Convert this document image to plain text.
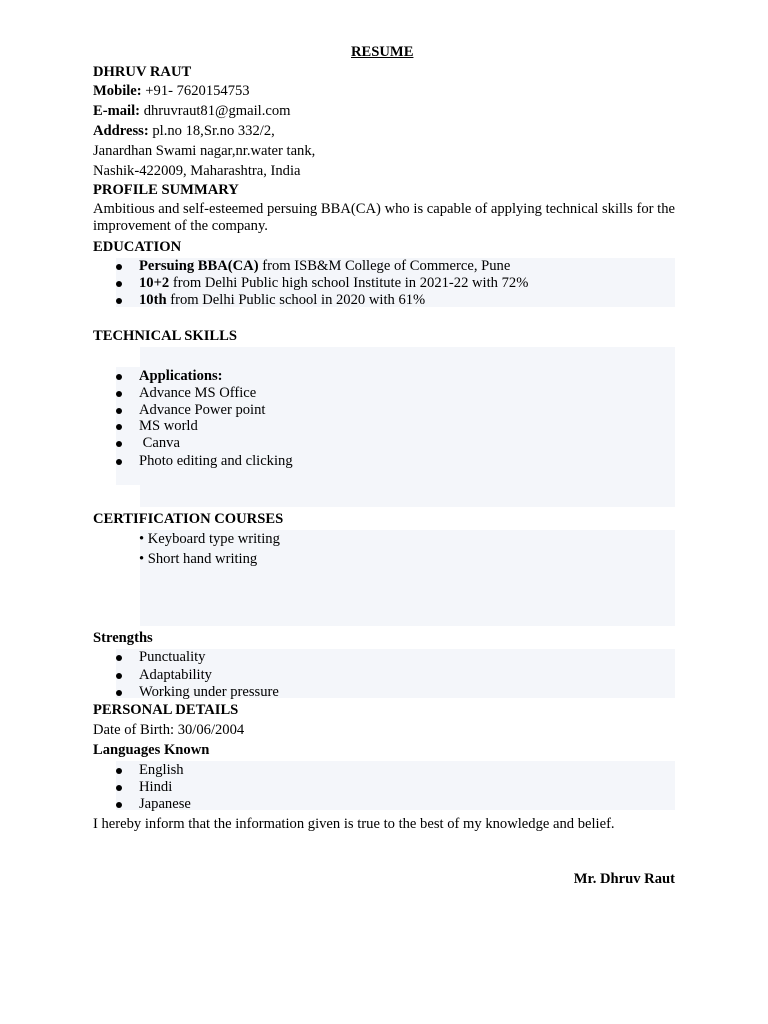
RESUME
DHRUV RAUT
Mobile: +91- 7620154753
E-mail: dhruvraut81@gmail.com
Address: pl.no 18,Sr.no 332/2,
Janardhan Swami nagar,nr.water tank,
Nashik-422009, Maharashtra, India
PROFILE SUMMARY
Ambitious and self-esteemed persuing BBA(CA) who is capable of applying technical skills for the improvement of the company.
EDUCATION
Persuing BBA(CA) from ISB&M College of Commerce, Pune
10+2 from Delhi Public high school Institute in 2021-22 with 72%
10th from Delhi Public school in 2020 with 61%
TECHNICAL SKILLS
Applications:
Advance MS Office
Advance Power point
MS world
Canva
Photo editing and clicking
CERTIFICATION COURSES
• Keyboard type writing
• Short hand writing
Strengths
Punctuality
Adaptability
Working under pressure
PERSONAL DETAILS
Date of Birth: 30/06/2004
Languages Known
English
Hindi
Japanese
I hereby inform that the information given is true to the best of my knowledge and belief.
Mr. Dhruv Raut
